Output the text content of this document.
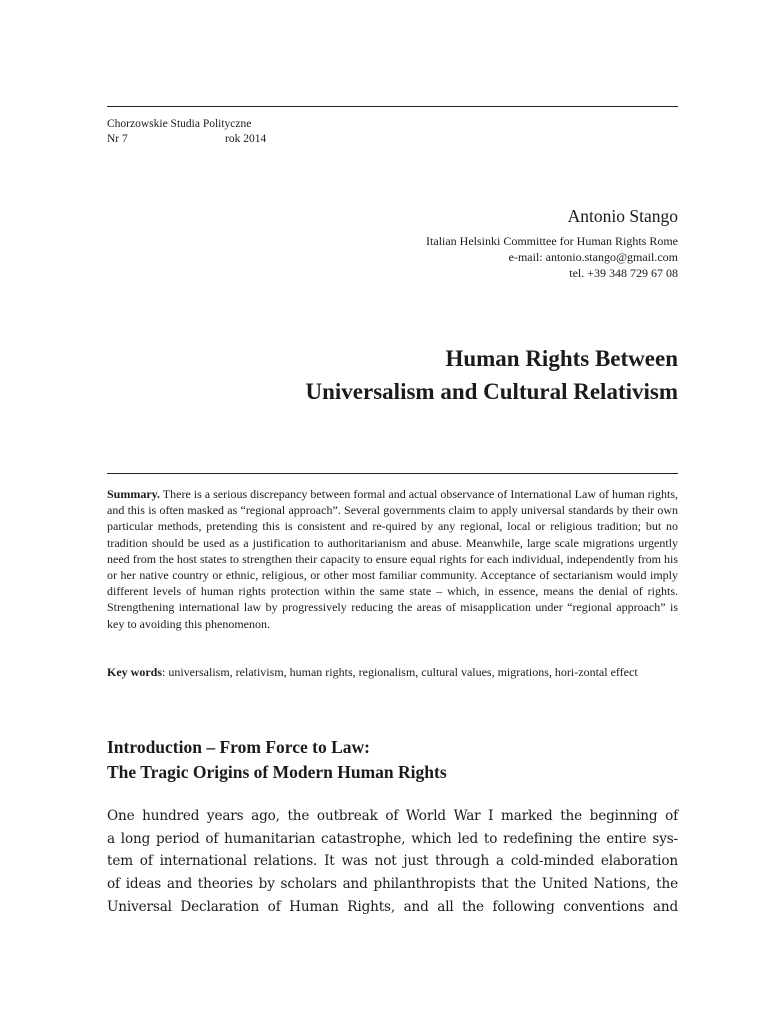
Chorzowskie Studia Polityczne
Nr 7	rok 2014
Antonio Stango
Italian Helsinki Committee for Human Rights Rome
e-mail: antonio.stango@gmail.com
tel. +39 348 729 67 08
Human Rights Between
Universalism and Cultural Relativism
Summary. There is a serious discrepancy between formal and actual observance of International Law of human rights, and this is often masked as “regional approach”. Several governments claim to apply universal standards by their own particular methods, pretending this is consistent and re-quired by any regional, local or religious tradition; but no tradition should be used as a justification to authoritarianism and abuse. Meanwhile, large scale migrations urgently need from the host states to strengthen their capacity to ensure equal rights for each individual, independently from his or her native country or ethnic, religious, or other most familiar community. Acceptance of sectarianism would imply different levels of human rights protection within the same state – which, in essence, means the denial of rights. Strengthening international law by progressively reducing the areas of misapplication under “regional approach” is key to avoiding this phenomenon.
Key words: universalism, relativism, human rights, regionalism, cultural values, migrations, hori-zontal effect
Introduction – From Force to Law:
The Tragic Origins of Modern Human Rights
One hundred years ago, the outbreak of World War I marked the beginning of
a long period of humanitarian catastrophe, which led to redefining the entire sys-
tem of international relations. It was not just through a cold-minded elaboration
of ideas and theories by scholars and philanthropists that the United Nations, the
Universal Declaration of Human Rights, and all the following conventions and
